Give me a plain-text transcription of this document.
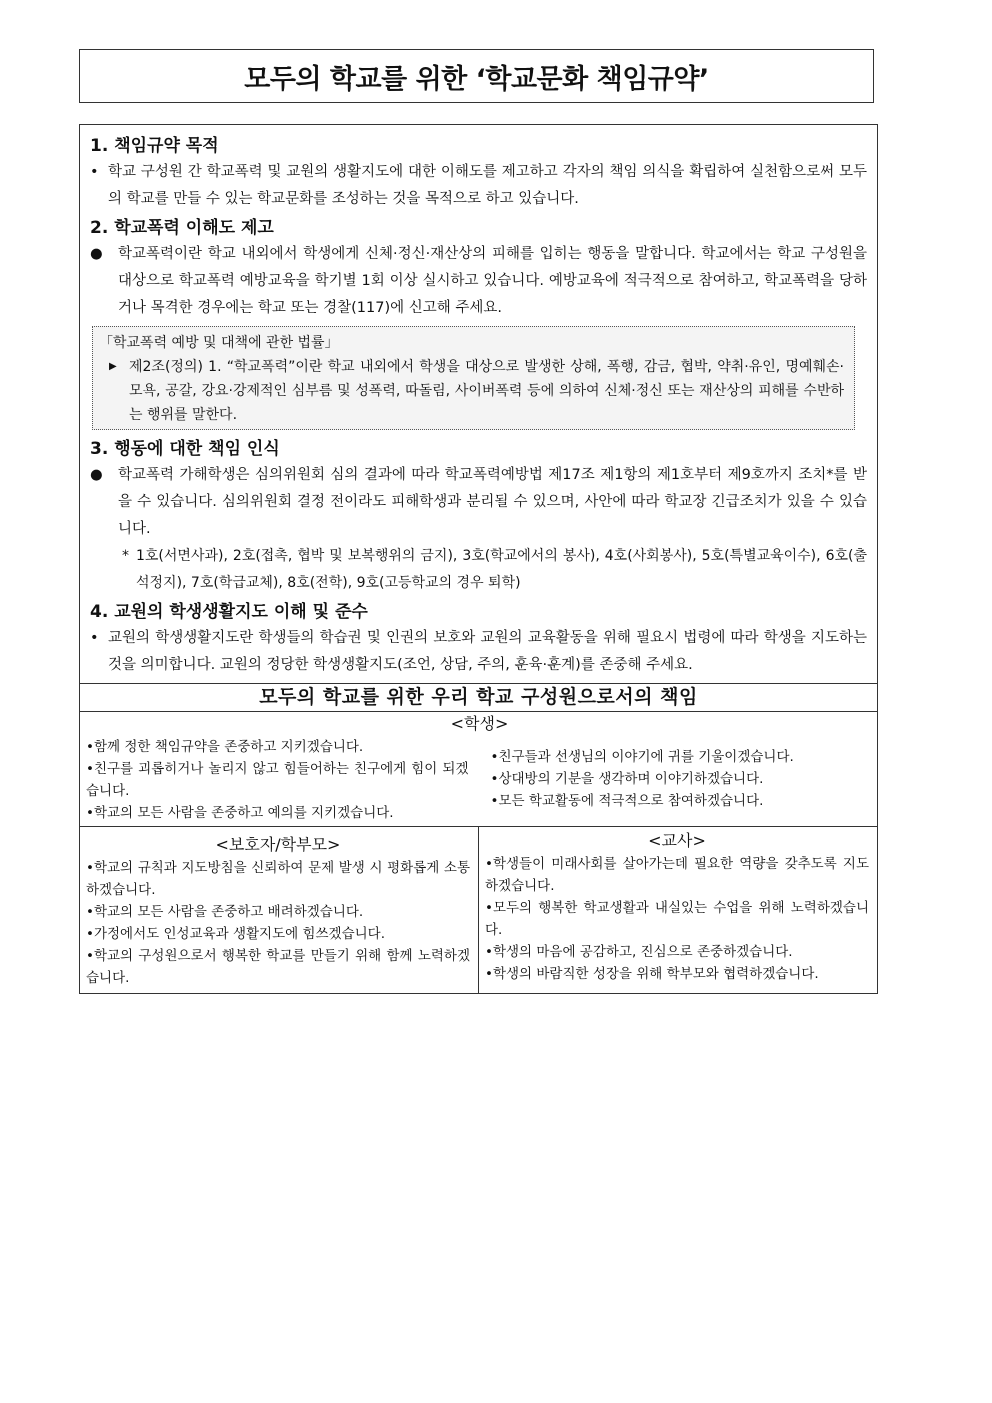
모두의 학교를 위한 ‘학교문화 책임규약’
1. 책임규약 목적
• 학교 구성원 간 학교폭력 및 교원의 생활지도에 대한 이해도를 제고하고 각자의 책임 의식을 확립하여 실천함으로써 모두의 학교를 만들 수 있는 학교문화를 조성하는 것을 목적으로 하고 있습니다.
2. 학교폭력 이해도 제고
● 학교폭력이란 학교 내외에서 학생에게 신체·정신·재산상의 피해를 입히는 행동을 말합니다. 학교에서는 학교 구성원을 대상으로 학교폭력 예방교육을 학기별 1회 이상 실시하고 있습니다. 예방교육에 적극적으로 참여하고, 학교폭력을 당하거나 목격한 경우에는 학교 또는 경찰(117)에 신고해 주세요.
「학교폭력 예방 및 대책에 관한 법률」
▶ 제2조(정의) 1. “학교폭력”이란 학교 내외에서 학생을 대상으로 발생한 상해, 폭행, 감금, 협박, 약취·유인, 명예훼손·모욕, 공갈, 강요·강제적인 심부름 및 성폭력, 따돌림, 사이버폭력 등에 의하여 신체·정신 또는 재산상의 피해를 수반하는 행위를 말한다.
3. 행동에 대한 책임 인식
● 학교폭력 가해학생은 심의위원회 심의 결과에 따라 학교폭력예방법 제17조 제1항의 제1호부터 제9호까지 조치*를 받을 수 있습니다. 심의위원회 결정 전이라도 피해학생과 분리될 수 있으며, 사안에 따라 학교장 긴급조치가 있을 수 있습니다.
* 1호(서면사과), 2호(접촉, 협박 및 보복행위의 금지), 3호(학교에서의 봉사), 4호(사회봉사), 5호(특별교육이수), 6호(출석정지), 7호(학급교체), 8호(전학), 9호(고등학교의 경우 퇴학)
4. 교원의 학생생활지도 이해 및 준수
• 교원의 학생생활지도란 학생들의 학습권 및 인권의 보호와 교원의 교육활동을 위해 필요시 법령에 따라 학생을 지도하는 것을 의미합니다. 교원의 정당한 학생생활지도(조언, 상담, 주의, 훈육·훈계)를 존중해 주세요.
모두의 학교를 위한 우리 학교 구성원으로서의 책임
<학생>
•함께 정한 책임규약을 존중하고 지키겠습니다.
•친구를 괴롭히거나 놀리지 않고 힘들어하는 친구에게 힘이 되겠습니다.
•학교의 모든 사람을 존중하고 예의를 지키겠습니다.
•친구들과 선생님의 이야기에 귀를 기울이겠습니다.
•상대방의 기분을 생각하며 이야기하겠습니다.
•모든 학교활동에 적극적으로 참여하겠습니다.
<보호자/학부모>
•학교의 규칙과 지도방침을 신뢰하여 문제 발생 시 평화롭게 소통하겠습니다.
•학교의 모든 사람을 존중하고 배려하겠습니다.
•가정에서도 인성교육과 생활지도에 힘쓰겠습니다.
•학교의 구성원으로서 행복한 학교를 만들기 위해 함께 노력하겠습니다.
<교사>
•학생들이 미래사회를 살아가는데 필요한 역량을 갖추도록 지도하겠습니다.
•모두의 행복한 학교생활과 내실있는 수업을 위해 노력하겠습니다.
•학생의 마음에 공감하고, 진심으로 존중하겠습니다.
•학생의 바람직한 성장을 위해 학부모와 협력하겠습니다.
